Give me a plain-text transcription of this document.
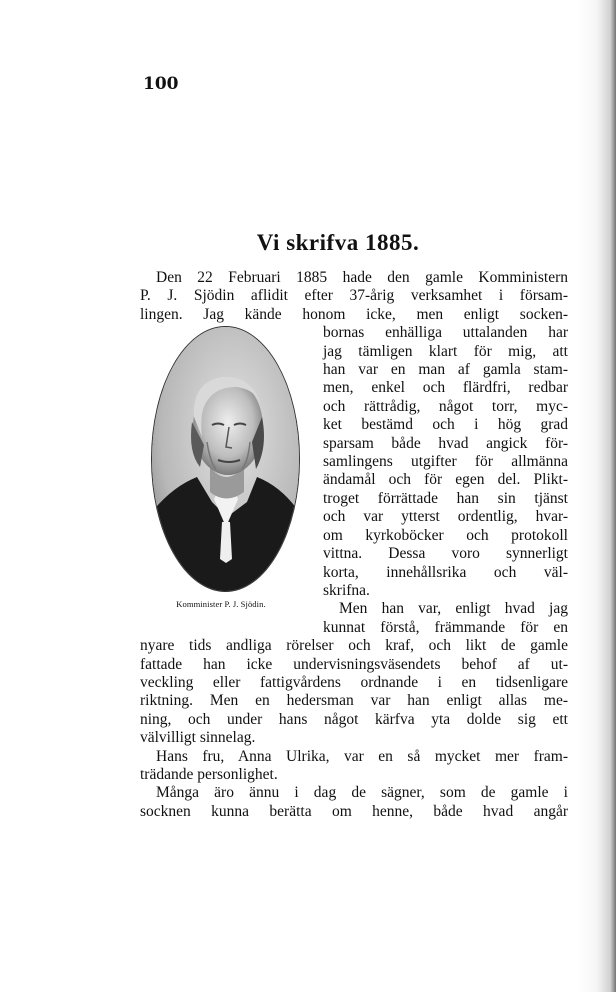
100
Vi skrifva 1885.
Komminister P. J. Sjödin.
Den 22 Februari 1885 hade den gamle Komministern
P. J. Sjödin aflidit efter 37-årig verksamhet i försam-
lingen. Jag kände honom icke, men enligt socken-
bornas enhälliga uttalanden har
jag tämligen klart för mig, att
han var en man af gamla stam-
men, enkel och flärdfri, redbar
och rättrådig, något torr, myc-
ket bestämd och i hög grad
sparsam både hvad angick för-
samlingens utgifter för allmänna
ändamål och för egen del. Plikt-
troget förrättade han sin tjänst
och var ytterst ordentlig, hvar-
om kyrkoböcker och protokoll
vittna. Dessa voro synnerligt
korta, innehållsrika och väl-
skrifna.
Men han var, enligt hvad jag
kunnat förstå, främmande för en
nyare tids andliga rörelser och kraf, och likt de gamle
fattade han icke undervisningsväsendets behof af ut-
veckling eller fattigvårdens ordnande i en tidsenligare
riktning. Men en hedersman var han enligt allas me-
ning, och under hans något kärfva yta dolde sig ett
välvilligt sinnelag.
Hans fru, Anna Ulrika, var en så mycket mer fram-
trädande personlighet.
Många äro ännu i dag de sägner, som de gamle i
socknen kunna berätta om henne, både hvad angår
